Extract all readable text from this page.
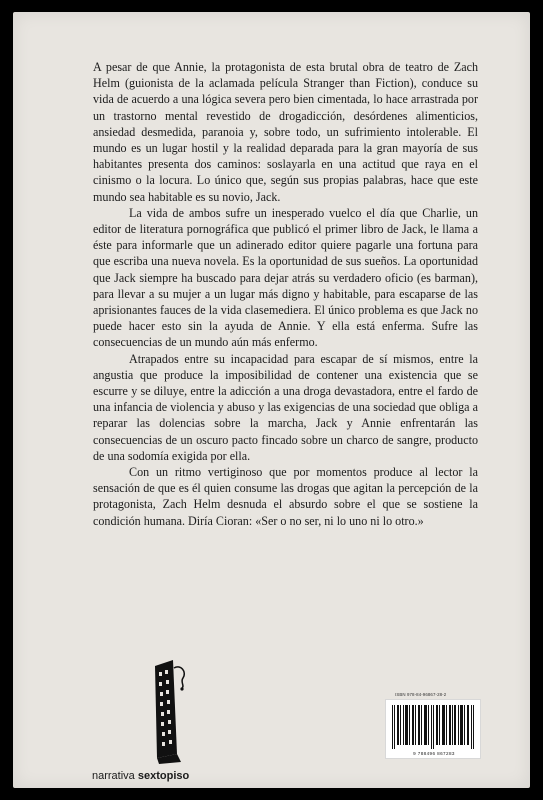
A pesar de que Annie, la protagonista de esta brutal obra de teatro de Zach Helm (guionista de la aclamada película Stranger than Fiction), conduce su vida de acuerdo a una lógica severa pero bien cimentada, lo hace arrastrada por un trastorno mental revestido de drogadicción, desórdenes alimenticios, ansiedad desmedida, paranoia y, sobre todo, un sufrimiento intolerable. El mundo es un lugar hostil y la realidad deparada para la gran mayoría de sus habitantes presenta dos caminos: soslayarla en una actitud que raya en el cinismo o la locura. Lo único que, según sus propias palabras, hace que este mundo sea habitable es su novio, Jack.

La vida de ambos sufre un inesperado vuelco el día que Charlie, un editor de literatura pornográfica que publicó el primer libro de Jack, le llama a éste para informarle que un adinerado editor quiere pagarle una fortuna para que escriba una nueva novela. Es la oportunidad de sus sueños. La oportunidad que Jack siempre ha buscado para dejar atrás su verdadero oficio (es barman), para llevar a su mujer a un lugar más digno y habitable, para escaparse de las aprisionantes fauces de la vida clasemediera. El único problema es que Jack no puede hacer esto sin la ayuda de Annie. Y ella está enferma. Sufre las consecuencias de un mundo aún más enfermo.

Atrapados entre su incapacidad para escapar de sí mismos, entre la angustia que produce la imposibilidad de contener una existencia que se escurre y se diluye, entre la adicción a una droga devastadora, entre el fardo de una infancia de violencia y abuso y las exigencias de una sociedad que obliga a reparar las dolencias sobre la marcha, Jack y Annie enfrentarán las consecuencias de un oscuro pacto fincado sobre un charco de sangre, producto de una sodomía exigida por ella.

Con un ritmo vertiginoso que por momentos produce al lector la sensación de que es él quien consume las drogas que agitan la percepción de la protagonista, Zach Helm desnuda el absurdo sobre el que se sostiene la condición humana. Diría Cioran: «Ser o no ser, ni lo uno ni lo otro.»

narrativa sextopiso
ISBN 978-84-96867-28-2
9 788496 867283
